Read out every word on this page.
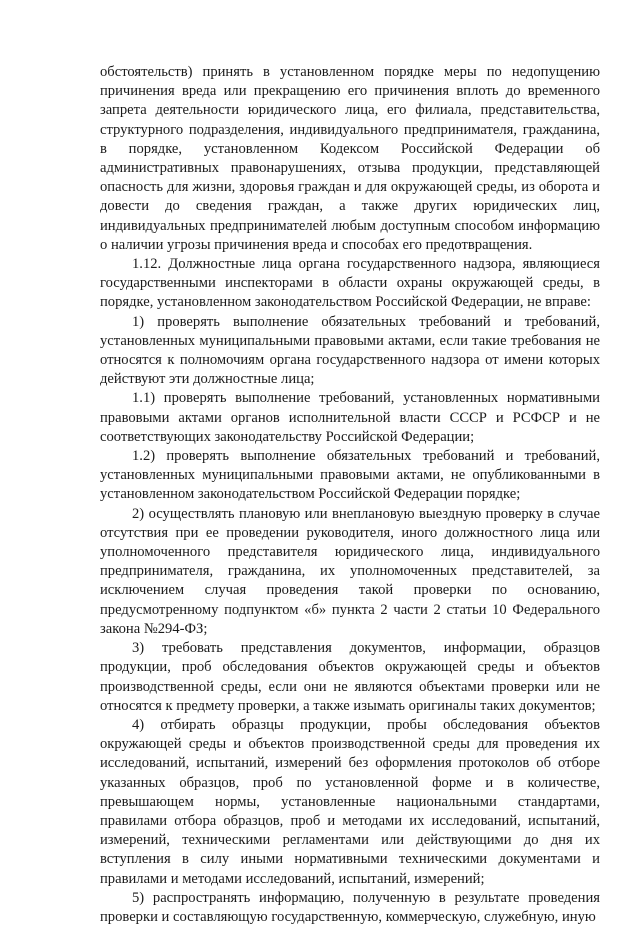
обстоятельств) принять в установленном порядке меры по недопущению причинения вреда или прекращению его причинения вплоть до временного запрета деятельности юридического лица, его филиала, представительства, структурного подразделения, индивидуального предпринимателя, гражданина, в порядке, установленном Кодексом Российской Федерации об административных правонарушениях, отзыва продукции, представляющей опасность для жизни, здоровья граждан и для окружающей среды, из оборота и довести до сведения граждан, а также других юридических лиц, индивидуальных предпринимателей любым доступным способом информацию о наличии угрозы причинения вреда и способах его предотвращения.

1.12. Должностные лица органа государственного надзора, являющиеся государственными инспекторами в области охраны окружающей среды, в порядке, установленном законодательством Российской Федерации, не вправе:

1) проверять выполнение обязательных требований и требований, установленных муниципальными правовыми актами, если такие требования не относятся к полномочиям органа государственного надзора от имени которых действуют эти должностные лица;

1.1) проверять выполнение требований, установленных нормативными правовыми актами органов исполнительной власти СССР и РСФСР и не соответствующих законодательству Российской Федерации;

1.2) проверять выполнение обязательных требований и требований, установленных муниципальными правовыми актами, не опубликованными в установленном законодательством Российской Федерации порядке;

2) осуществлять плановую или внеплановую выездную проверку в случае отсутствия при ее проведении руководителя, иного должностного лица или уполномоченного представителя юридического лица, индивидуального предпринимателя, гражданина, их уполномоченных представителей, за исключением случая проведения такой проверки по основанию, предусмотренному подпунктом «б» пункта 2 части 2 статьи 10 Федерального закона №294-ФЗ;

3) требовать представления документов, информации, образцов продукции, проб обследования объектов окружающей среды и объектов производственной среды, если они не являются объектами проверки или не относятся к предмету проверки, а также изымать оригиналы таких документов;

4) отбирать образцы продукции, пробы обследования объектов окружающей среды и объектов производственной среды для проведения их исследований, испытаний, измерений без оформления протоколов об отборе указанных образцов, проб по установленной форме и в количестве, превышающем нормы, установленные национальными стандартами, правилами отбора образцов, проб и методами их исследований, испытаний, измерений, техническими регламентами или действующими до дня их вступления в силу иными нормативными техническими документами и правилами и методами исследований, испытаний, измерений;

5) распространять информацию, полученную в результате проведения проверки и составляющую государственную, коммерческую, служебную, иную
